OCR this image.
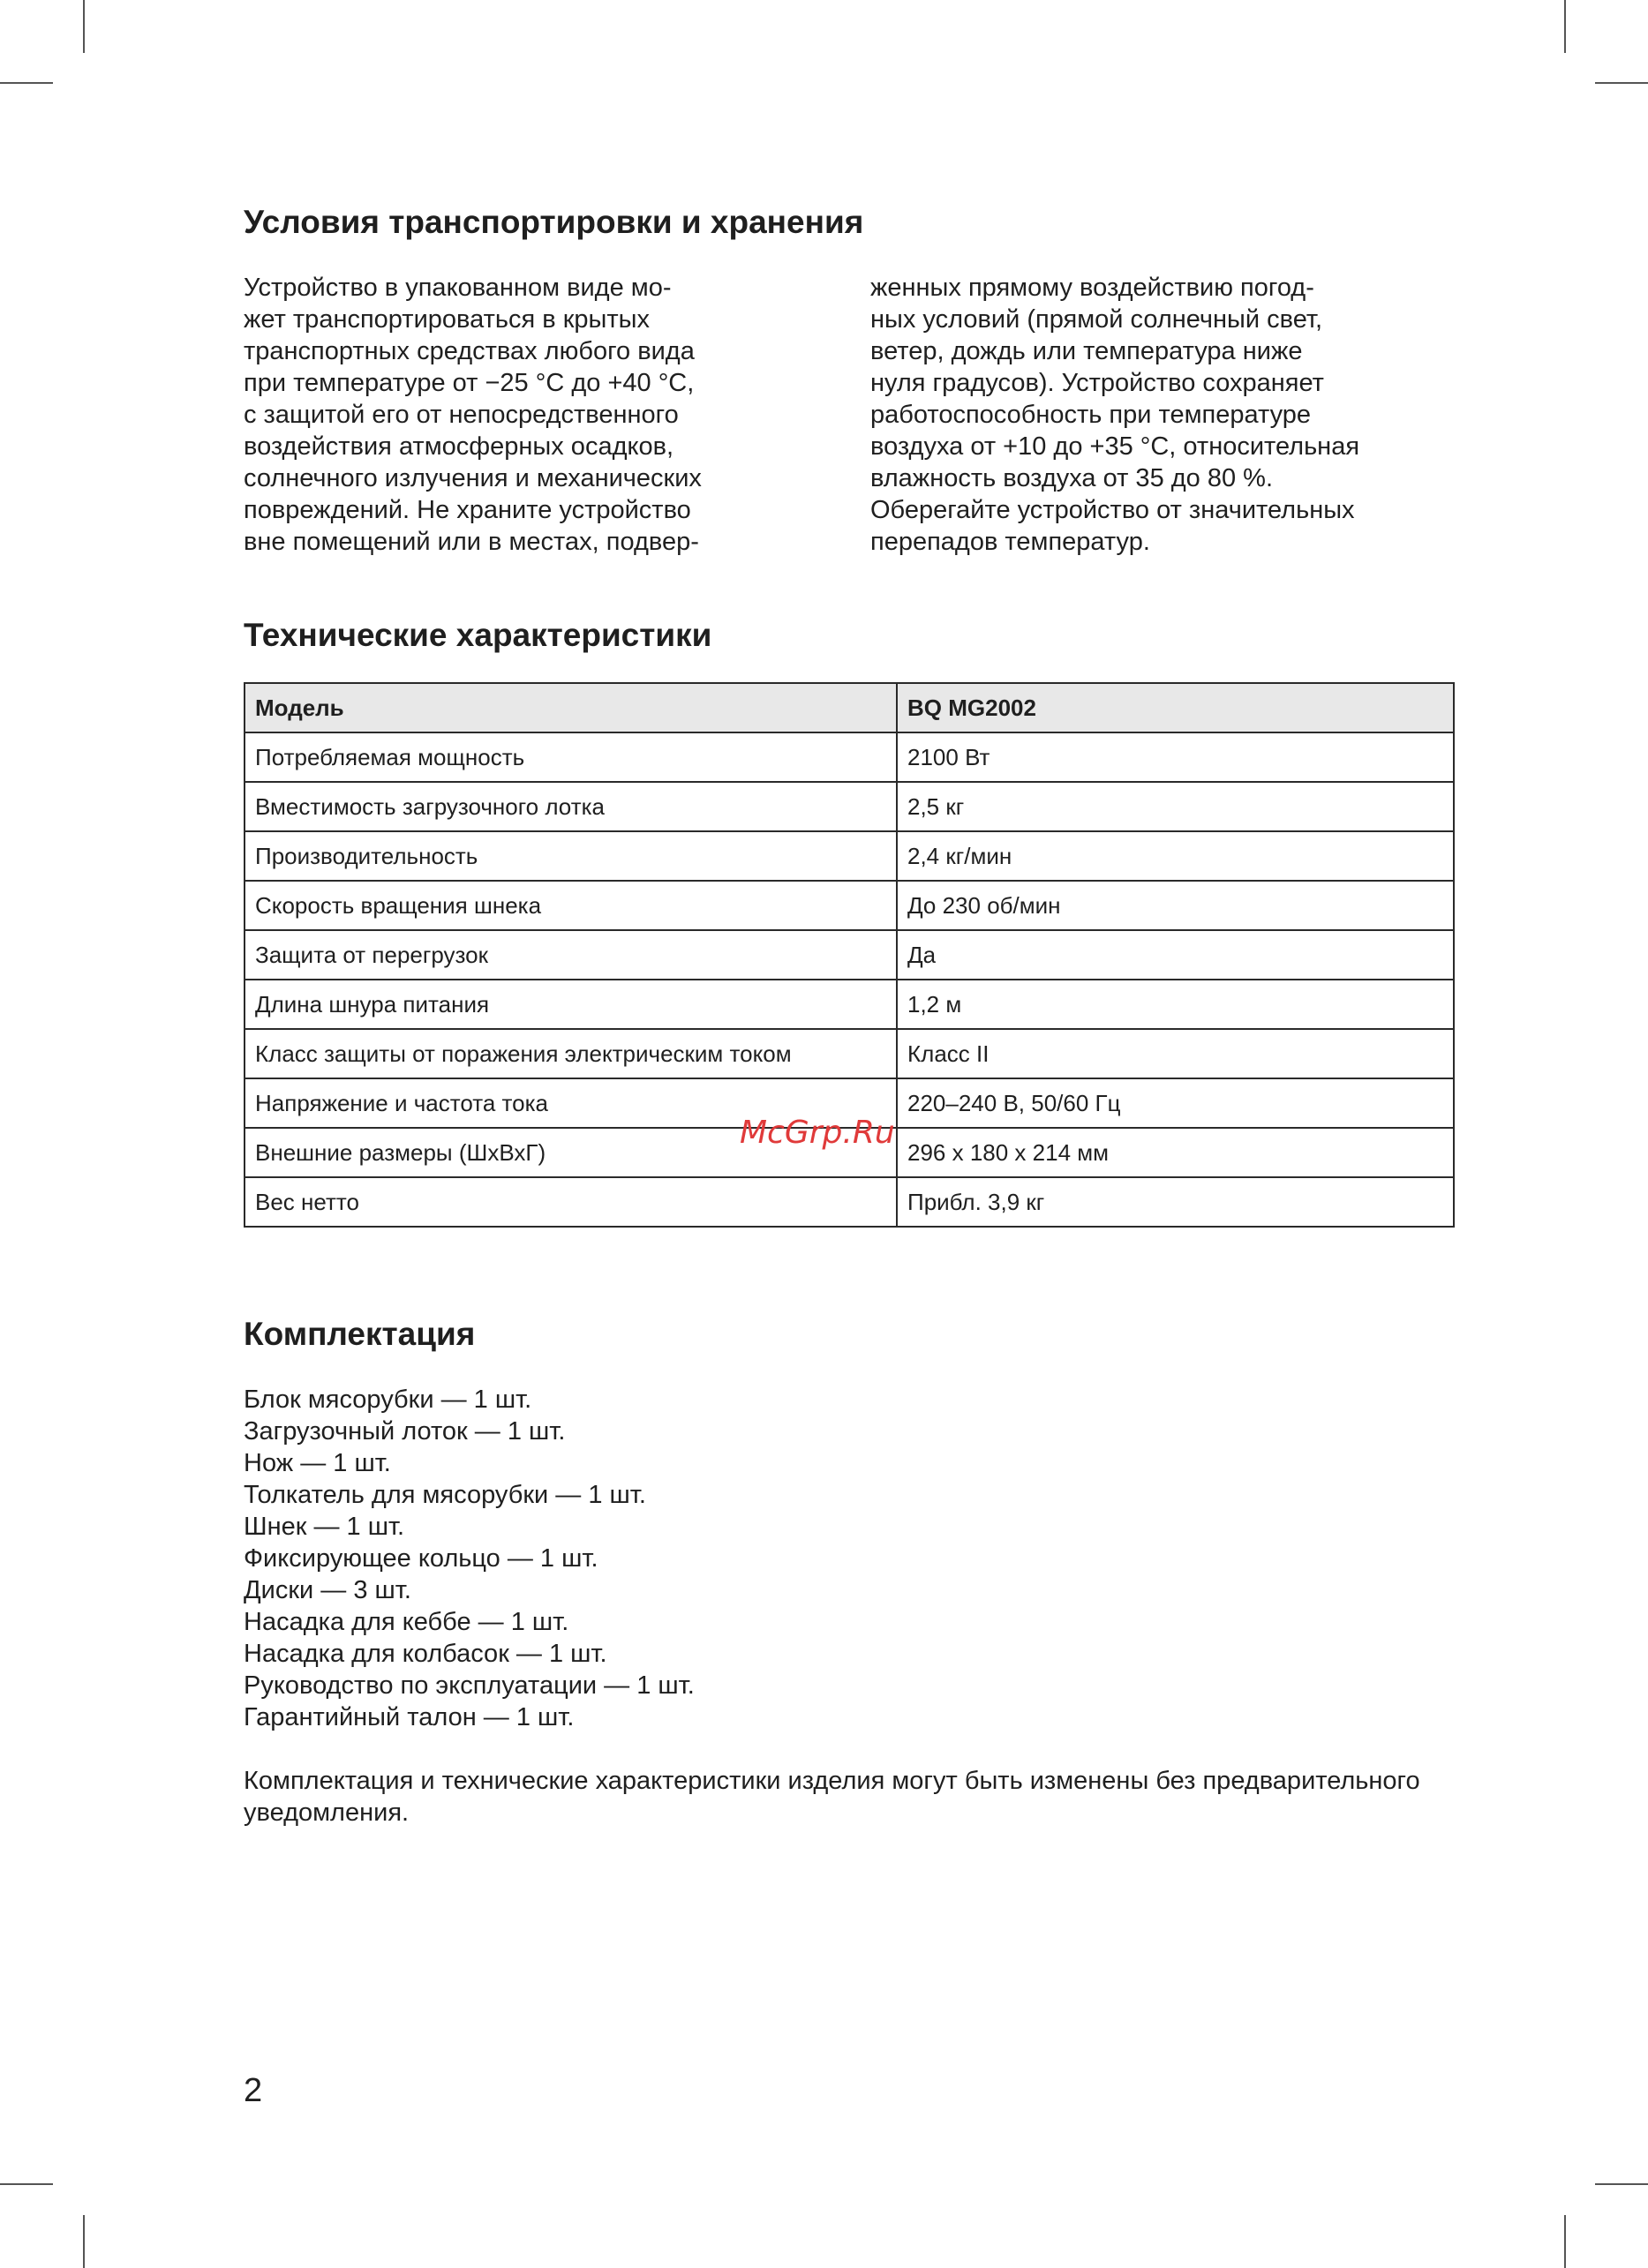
Условия транспортировки и хранения
Устройство в упакованном виде мо-
жет транспортироваться в крытых
транспортных средствах любого вида
при температуре от −25 °C до +40 °C,
с защитой его от непосредственного
воздействия атмосферных осадков,
солнечного излучения и механических
повреждений. Не храните устройство
вне помещений или в местах, подвер-
женных прямому воздействию погод-
ных условий (прямой солнечный свет,
ветер, дождь или температура ниже
нуля градусов). Устройство сохраняет
работоспособность при температуре
воздуха от +10 до +35 °C, относительная
влажность воздуха от 35 до 80 %.
Оберегайте устройство от значительных
перепадов температур.
Технические характеристики
Модель	BQ MG2002
Потребляемая мощность	2100 Вт
Вместимость загрузочного лотка	2,5 кг
Производительность	2,4 кг/мин
Скорость вращения шнека	До 230 об/мин
Защита от перегрузок	Да
Длина шнура питания	1,2 м
Класс защиты от поражения электрическим током	Класс II
Напряжение и частота тока	220–240 В, 50/60 Гц
Внешние размеры (ШхВхГ)	296 x 180 x 214 мм
Вес нетто	Прибл. 3,9 кг
McGrp.Ru
Комплектация
Блок мясорубки — 1 шт.
Загрузочный лоток — 1 шт.
Нож — 1 шт.
Толкатель для мясорубки — 1 шт.
Шнек — 1 шт.
Фиксирующее кольцо — 1 шт.
Диски — 3 шт.
Насадка для кеббе — 1 шт.
Насадка для колбасок — 1 шт.
Руководство по эксплуатации — 1 шт.
Гарантийный талон — 1 шт.

Комплектация и технические характеристики изделия могут быть изменены без предварительного уведомления.

2
